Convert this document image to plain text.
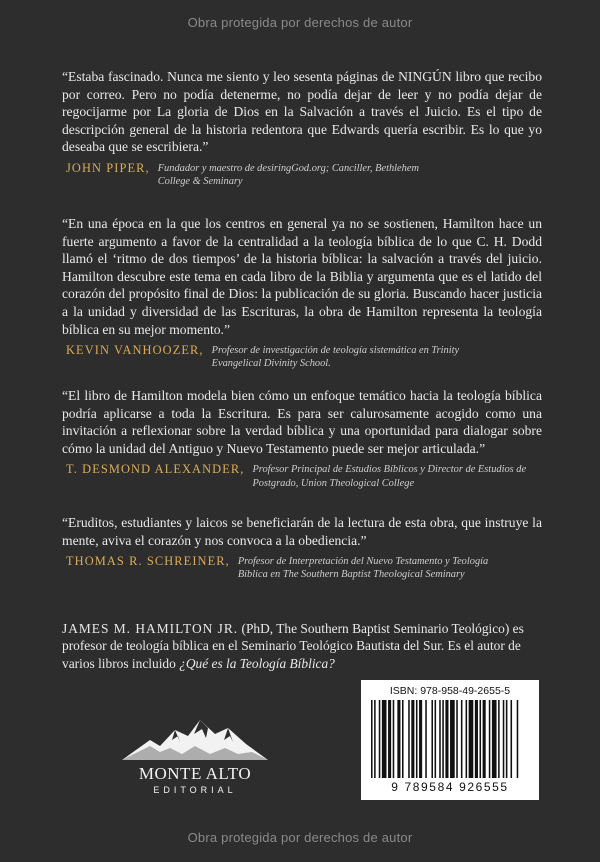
Obra protegida por derechos de autor

“Estaba fascinado. Nunca me siento y leo sesenta páginas de NINGÚN libro que recibo por correo. Pero no podía detenerme, no podía dejar de leer y no podía dejar de regocijarme por La gloria de Dios en la Salvación a través el Juicio. Es el tipo de descripción general de la historia redentora que Edwards quería escribir. Es lo que yo deseaba que se escribiera.”

JOHN PIPER, Fundador y maestro de desiringGod.org; Canciller, Bethlehem College & Seminary

“En una época en la que los centros en general ya no se sostienen, Hamilton hace un fuerte argumento a favor de la centralidad a la teología bíblica de lo que C. H. Dodd llamó el ‘ritmo de dos tiempos’ de la historia bíblica: la salvación a través del juicio. Hamilton descubre este tema en cada libro de la Biblia y argumenta que es el latido del corazón del propósito final de Dios: la publicación de su gloria. Buscando hacer justicia a la unidad y diversidad de las Escrituras, la obra de Hamilton representa la teología bíblica en su mejor momento.”

KEVIN VANHOOZER, Profesor de investigación de teología sistemática en Trinity Evangelical Divinity School.

“El libro de Hamilton modela bien cómo un enfoque temático hacia la teología bíblica podría aplicarse a toda la Escritura. Es para ser calurosamente acogido como una invitación a reflexionar sobre la verdad bíblica y una oportunidad para dialogar sobre cómo la unidad del Antiguo y Nuevo Testamento puede ser mejor articulada.”

T. DESMOND ALEXANDER, Profesor Principal de Estudios Bíblicos y Director de Estudios de Postgrado, Union Theological College

“Eruditos, estudiantes y laicos se beneficiarán de la lectura de esta obra, que instruye la mente, aviva el corazón y nos convoca a la obediencia.”

THOMAS R. SCHREINER, Profesor de Interpretación del Nuevo Testamento y Teología Bíblica en The Southern Baptist Theological Seminary

JAMES M. HAMILTON JR. (PhD, The Southern Baptist Seminario Teológico) es profesor de teología bíblica en el Seminario Teológico Bautista del Sur. Es el autor de varios libros incluido ¿Qué es la Teología Bíblica?

MONTE ALTO
EDITORIAL
ISBN: 978-958-49-2655-5
9 789584 926555
Obra protegida por derechos de autor
